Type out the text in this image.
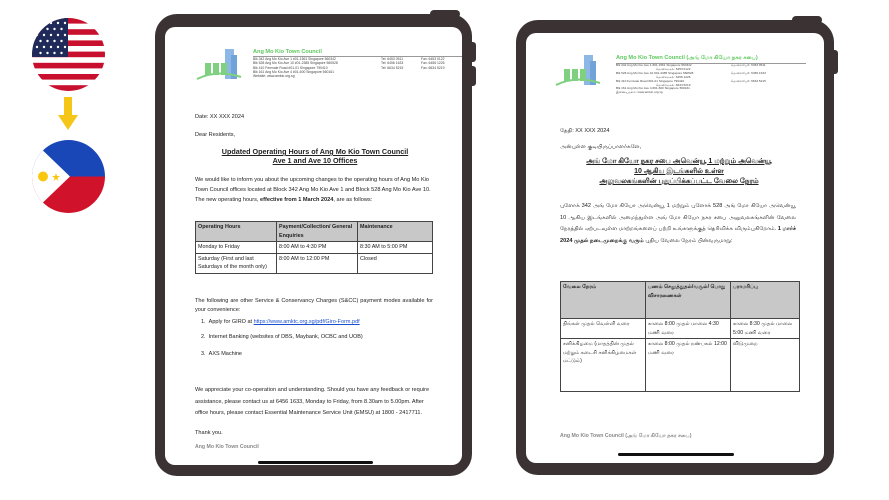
Ang Mo Kio Town Council
Blk 342 Ang Mo Kio Ave 1 #01-1561 Singapore 560342	Tel: 6453 0511	Fax: 6453 0122
Blk 528 Ang Mo Kio Ave 10 #01-2385 Singapore 560528	Tel: 6456 1633	Fax: 6456 1226
Blk 410 Fernvale Road #01-01 Singapore 790410	Tel: 6634 5215	Fax: 6634 5219
Blk 161 Ang Mo Kio Ave 4 #01-600 Singapore 560161
Website: www.amktc.org.sg
Date: XX XXX 2024
Dear Residents,
Updated Operating Hours of Ang Mo Kio Town Council
Ave 1 and Ave 10 Offices
We would like to inform you about the upcoming changes to the operating hours of Ang Mo Kio Town Council offices located at Block 342 Ang Mo Kio Ave 1 and Block 528 Ang Mo Kio Ave 10. The new operating hours, effective from 1 March 2024, are as follows:
Operating Hours	Payment/Collection/ General Enquiries	Maintenance
Monday to Friday	8:00 AM to 4:30 PM	8:30 AM to 5:00 PM
Saturday (First and last Saturdays of the month only)	8:00 AM to 12:00 PM	Closed
The following are other Service & Conservancy Charges (S&CC) payment modes available for your convenience:
1. Apply for GIRO at https://www.amktc.org.sg/pdf/Giro-Form.pdf
2. Internet Banking (websites of DBS, Maybank, OCBC and UOB)
3. AXS Machine
We appreciate your co-operation and understanding. Should you have any feedback or require assistance, please contact us at 6456 1633, Monday to Friday, from 8.30am to 5.00pm. After office hours, please contact Essential Maintenance Service Unit (EMSU) at 1800 - 2417711.
Thank you.
Ang Mo Kio Town Council
Ang Mo Kio Town Council (அங் மோ கியோ நகர சபை)
Blk 342 Ang Mo Kio Ave 1 #01-1561 Singapore 560342	தொலைபேசி: 6453 0511
தொலைநகல்: 6453 0122
Blk 528 Ang Mo Kio Ave 10 #01-2385 Singapore 560528	தொலைபேசி: 6456 1633
தொலைநகல்: 6456 1226
Blk 410 Fernvale Road #01-01 Singapore 790410	தொலைபேசி: 6634 5215
தொலைநகல்: 6634 5219
Blk 161 Ang Mo Kio Ave 4 #01-600 Singapore 560161
இணையதளம்: www.amktc.org.sg
தேதி: XX XXX 2024
அன்புள்ள குடியிருப்பாளர்களே,
அங் மோ கியோ நகர சபை அவென்யூ 1 மற்றும் அவென்யூ
10 ஆகிய இடங்களில் உள்ள
அலுவலகங்களின் புதுப்பிக்கப்பட்ட வேலை நேரம்
புளோக் 342 அங் மோ கியோ அவென்யூ 1 மற்றும் புளோக் 528 அங் மோ கியோ அவென்யூ 10 ஆகிய இடங்களில் அமைந்துள்ள அங் மோ கியோ நகர சபை அலுவலகங்களின் வேலை நேரத்தில் ஏற்படவுள்ள மாற்றங்களைப் பற்றி உங்களுக்குத் தெரிவிக்க விரும்புகிறோம். 1 மார்ச் 2024 முதல் நடைமுறைக்கு வரும் புதிய வேலை நேரம் பின்வருமாறு:
வேலை நேரம்	பணம் செலுத்துதல்/வசூல்/ பொது விசாரணைகள்	பராமரிப்பு
திங்கள் முதல் வெள்ளி வரை	காலை 8:00 முதல் மாலை 4:30 மணி வரை	காலை 8:30 முதல் மாலை 5:00 மணி வரை
சனிக்கிழமை (மாதத்தின் முதல் மற்றும் கடைசி சனிக்கிழமைகள் மட்டும்)	காலை 8:00 முதல் நண்பகல் 12:00 மணி வரை	விடுமுறை
Ang Mo Kio Town Council (அங் மோ கியோ நகர சபை)
